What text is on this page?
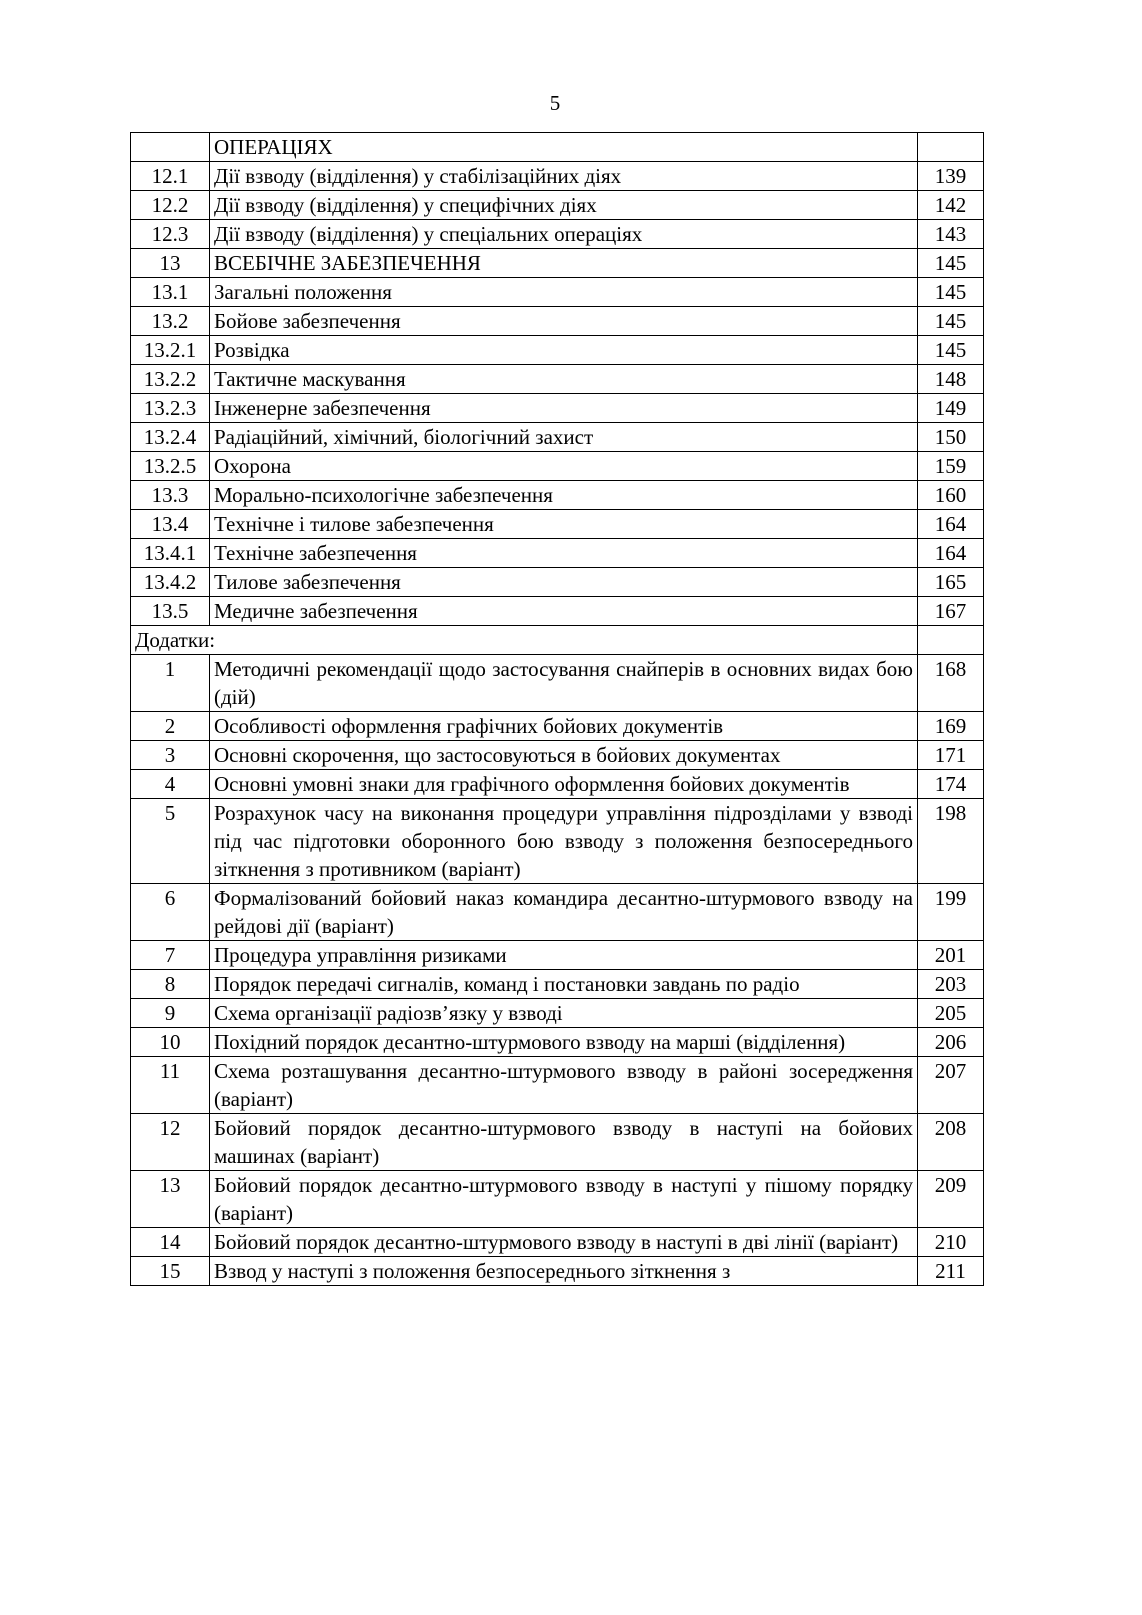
5
	ОПЕРАЦІЯХ	
12.1	Дії взводу (відділення) у стабілізаційних діях	139
12.2	Дії взводу (відділення) у специфічних діях	142
12.3	Дії взводу (відділення) у спеціальних операціях	143
13	ВСЕБІЧНЕ ЗАБЕЗПЕЧЕННЯ	145
13.1	Загальні положення	145
13.2	Бойове забезпечення	145
13.2.1	Розвідка	145
13.2.2	Тактичне маскування	148
13.2.3	Інженерне забезпечення	149
13.2.4	Радіаційний, хімічний, біологічний захист	150
13.2.5	Охорона	159
13.3	Морально-психологічне забезпечення	160
13.4	Технічне і тилове забезпечення	164
13.4.1	Технічне забезпечення	164
13.4.2	Тилове забезпечення	165
13.5	Медичне забезпечення	167
Додатки:		
1	Методичні рекомендації щодо застосування снайперів в основних видах бою (дій)	168
2	Особливості оформлення графічних бойових документів	169
3	Основні скорочення, що застосовуються в бойових документах	171
4	Основні умовні знаки для графічного оформлення бойових документів	174
5	Розрахунок часу на виконання процедури управління підрозділами у взводі під час підготовки оборонного бою взводу з положення безпосереднього зіткнення з противником (варіант)	198
6	Формалізований бойовий наказ командира десантно-штурмового взводу на рейдові дії (варіант)	199
7	Процедура управління ризиками	201
8	Порядок передачі сигналів, команд і постановки завдань по радіо	203
9	Схема організації радіозв’язку у взводі	205
10	Похідний порядок десантно-штурмового взводу на марші (відділення)	206
11	Схема розташування десантно-штурмового взводу в районі зосередження (варіант)	207
12	Бойовий порядок десантно-штурмового взводу в наступі на бойових машинах (варіант)	208
13	Бойовий порядок десантно-штурмового взводу в наступі у пішому порядку (варіант)	209
14	Бойовий порядок десантно-штурмового взводу в наступі в дві лінії (варіант)	210
15	Взвод у наступі з положення безпосереднього зіткнення з	211
